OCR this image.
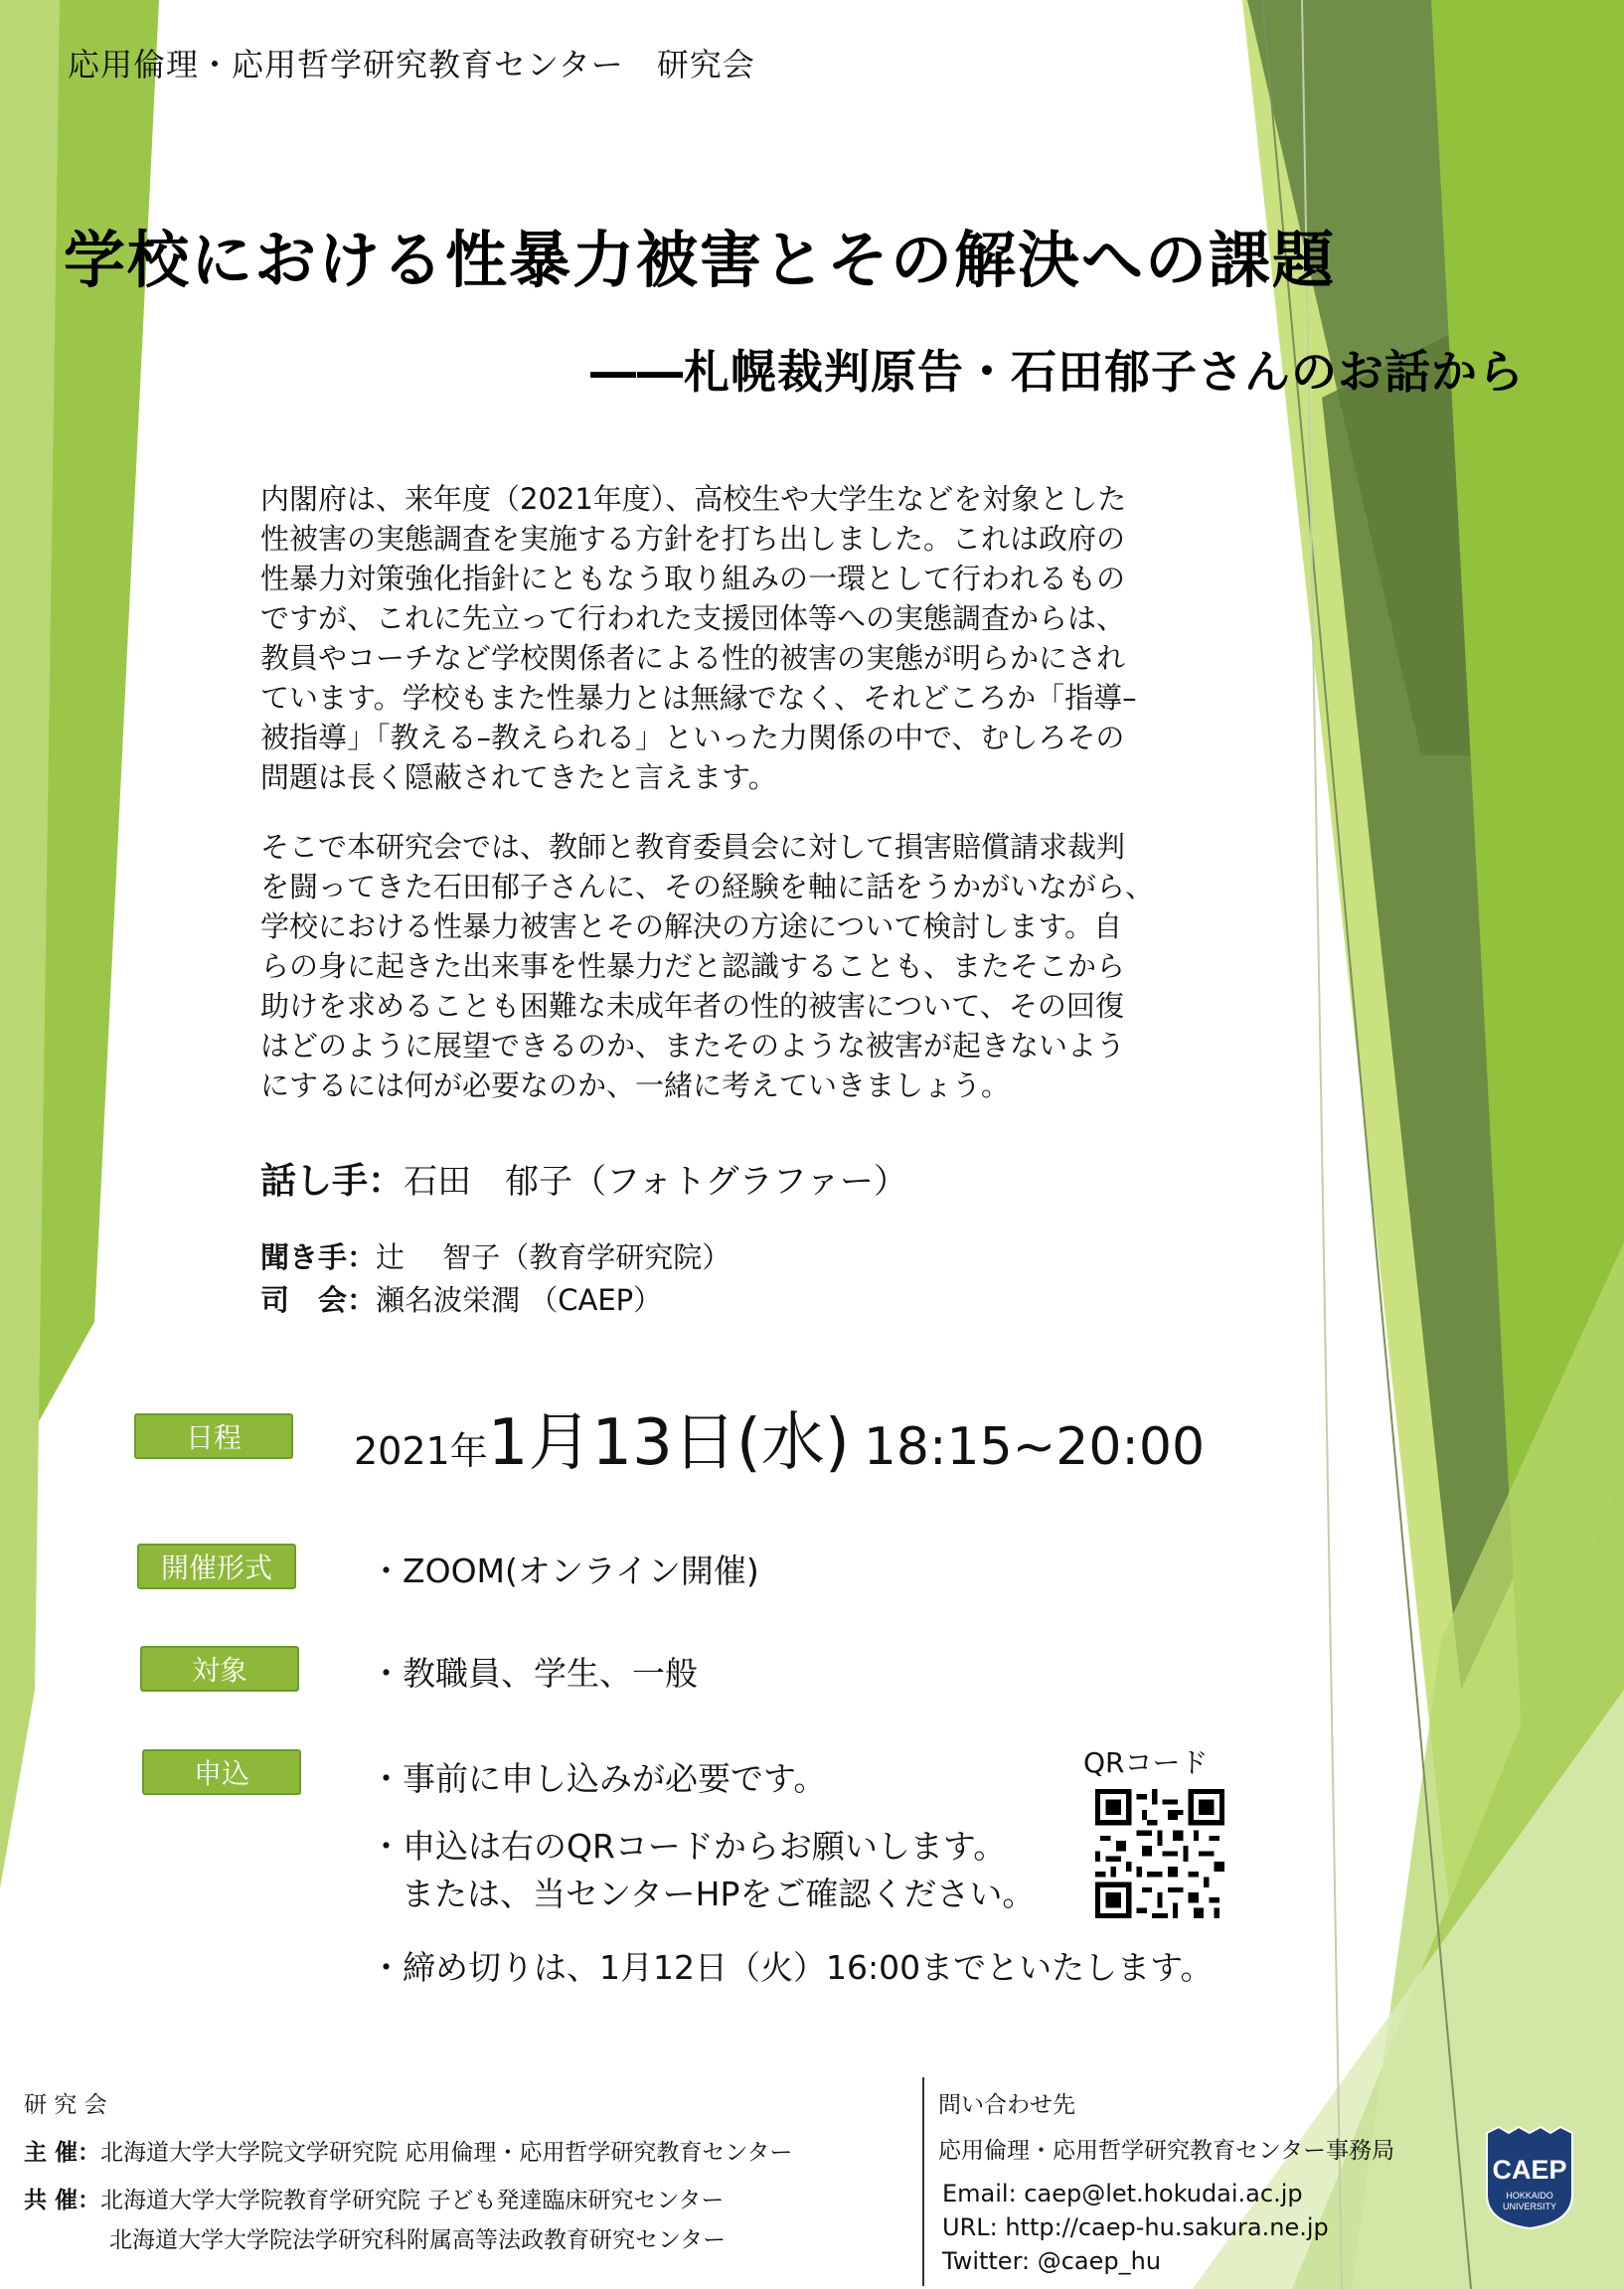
応用倫理・応用哲学研究教育センター　研究会
学校における性暴力被害とその解決への課題
――札幌裁判原告・石田郁子さんのお話から
内閣府は、来年度（2021年度）、高校生や大学生などを対象とした
性被害の実態調査を実施する方針を打ち出しました。これは政府の
性暴力対策強化指針にともなう取り組みの一環として行われるもの
ですが、これに先立って行われた支援団体等への実態調査からは、
教員やコーチなど学校関係者による性的被害の実態が明らかにされ
ています。学校もまた性暴力とは無縁でなく、それどころか「指導–
被指導」「教える–教えられる」といった力関係の中で、むしろその
問題は長く隠蔽されてきたと言えます。
そこで本研究会では、教師と教育委員会に対して損害賠償請求裁判
を闘ってきた石田郁子さんに、その経験を軸に話をうかがいながら、
学校における性暴力被害とその解決の方途について検討します。自
らの身に起きた出来事を性暴力だと認識することも、またそこから
助けを求めることも困難な未成年者の性的被害について、その回復
はどのように展望できるのか、またそのような被害が起きないよう
にするには何が必要なのか、一緒に考えていきましょう。
話し手：石田　郁子（フォトグラファー）
聞き手：辻　 智子（教育学研究院）
司　会：瀬名波栄潤 （CAEP）
日程	2021年1月13日(水) 18:15~20:00
開催形式	・ZOOM(オンライン開催)
対象	・教職員、学生、一般
申込	・事前に申し込みが必要です。
・申込は右のQRコードからお願いします。
または、当センターHPをご確認ください。
・締め切りは、1月12日（火）16:00までといたします。
QRコード
研 究 会
主 催：北海道大学大学院文学研究院 応用倫理・応用哲学研究教育センター
共 催：北海道大学大学院教育学研究院 子ども発達臨床研究センター
北海道大学大学院法学研究科附属高等法政教育研究センター
問い合わせ先
応用倫理・応用哲学研究教育センター事務局
Email: caep@let.hokudai.ac.jp
URL: http://caep-hu.sakura.ne.jp
Twitter: @caep_hu
CAEP
HOKKAIDO
UNIVERSITY
